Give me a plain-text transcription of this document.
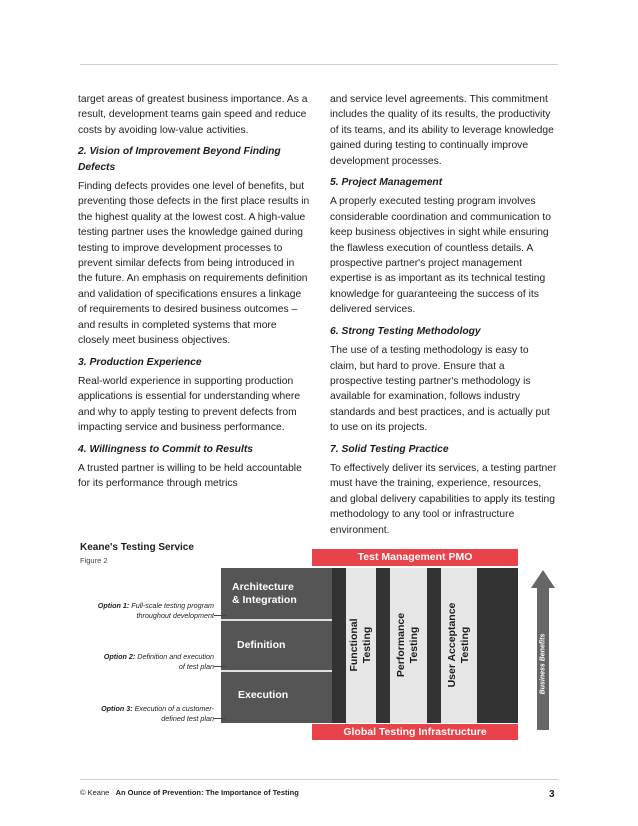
target areas of greatest business importance. As a result, development teams gain speed and reduce costs by avoiding low-value activities.

2. Vision of Improvement Beyond Finding Defects

Finding defects provides one level of benefits, but preventing those defects in the first place results in the highest quality at the lowest cost. A high-value testing partner uses the knowledge gained during testing to improve development processes to prevent similar defects from being introduced in the future. An emphasis on requirements definition and validation of specifications ensures a linkage of requirements to desired business outcomes – and results in completed systems that more closely meet business objectives.

3. Production Experience

Real-world experience in supporting production applications is essential for understanding where and why to apply testing to prevent defects from impacting service and business performance.

4. Willingness to Commit to Results

A trusted partner is willing to be held accountable for its performance through metrics

and service level agreements. This commitment includes the quality of its results, the productivity of its teams, and its ability to leverage knowledge gained during testing to continually improve development processes.

5. Project Management

A properly executed testing program involves considerable coordination and communication to keep business objectives in sight while ensuring the flawless execution of countless details. A prospective partner's project management expertise is as important as its technical testing knowledge for guaranteeing the success of its delivered services.

6. Strong Testing Methodology

The use of a testing methodology is easy to claim, but hard to prove. Ensure that a prospective testing partner's methodology is available for examination, follows industry standards and best practices, and is actually put to use on its projects.

7. Solid Testing Practice

To effectively deliver its services, a testing partner must have the training, experience, resources, and global delivery capabilities to apply its testing methodology to any tool or infrastructure environment.

Keane's Testing Service
Figure 2	Test Management PMO
Architecture
& Integration
Definition
Execution
Functional Testing Performance Testing	User Acceptance Testing
Global Testing Infrastructure
Business Benefits
Option 1: Full-scale testing program
throughout development
Option 2: Definition and execution
of test plan
Option 3: Execution of a customer-
defined test plan
© Keane An Ounce of Prevention: The Importance of Testing	3
